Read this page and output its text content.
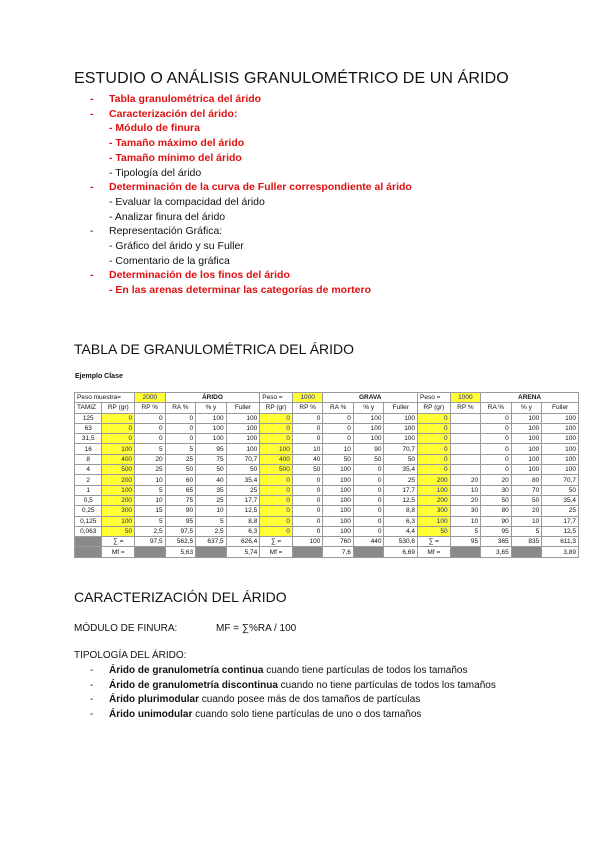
ESTUDIO O ANÁLISIS GRANULOMÉTRICO DE UN ÁRIDO
- Tabla granulométrica del árido
- Caracterización del árido:
- Módulo de finura
- Tamaño máximo del árido
- Tamaño mínimo del árido
- Tipología del árido
- Determinación de la curva de Fuller correspondiente al árido
- Evaluar la compacidad del árido
- Analizar finura del árido
- Representación Gráfica:
- Gráfico del árido y su Fuller
- Comentario de la gráfica
- Determinación de los finos del árido
- En las arenas determinar las categorías de mortero
TABLA DE GRANULOMÉTRICA DEL ÁRIDO
Ejemplo Clase
Peso muestra=		2000	ÁRIDO			Peso =	1000	GRAVA			Peso =	1000	ARENA		
TAMIZ	RP (gr)	RP %	RA %	% y	Fuller	RP (gr)	RP %	RA %	% y	Fuller	RP (gr)	RP %	RA %	% y	Fuller
125	0	0	0	100	100	0	0	0	100	100	0		0	100	100
63	0	0	0	100	100	0	0	0	100	100	0		0	100	100
31,5	0	0	0	100	100	0	0	0	100	100	0		0	100	100
16	100	5	5	95	100	100	10	10	90	70,7	0		0	100	100
8	400	20	25	75	70,7	400	40	50	50	50	0		0	100	100
4	500	25	50	50	50	500	50	100	0	35,4	0		0	100	100
2	200	10	60	40	35,4	0	0	100	0	25	200	20	20	80	70,7
1	100	5	65	35	25	0	0	100	0	17,7	100	10	30	70	50
0,5	200	10	75	25	17,7	0	0	100	0	12,5	200	20	50	50	35,4
0,25	300	15	90	10	12,5	0	0	100	0	8,8	300	30	80	20	25
0,125	100	5	95	5	8,8	0	0	100	0	6,3	100	10	90	10	17,7
0,063	50	2,5	97,5	2,5	6,3	0	0	100	0	4,4	50	5	95	5	12,5
	∑ =	97,5	562,5	637,5	626,4	∑ =	100	760	440	530,6	∑ =	95	365	835	611,3
	Mf =		5,63		5,74	Mf =		7,6		6,69	Mf =		3,65		3,89
CARACTERIZACIÓN DEL ÁRIDO
MÓDULO DE FINURA:	MF = ∑%RA / 100
TIPOLOGÍA DEL ÁRIDO:
- Árido de granulometría continua cuando tiene partículas de todos los tamaños
- Árido de granulometría discontinua cuando no tiene partículas de todos los tamaños
- Árido plurimodular cuando posee más de dos tamaños de partículas
- Árido unimodular cuando solo tiene partículas de uno o dos tamaños
